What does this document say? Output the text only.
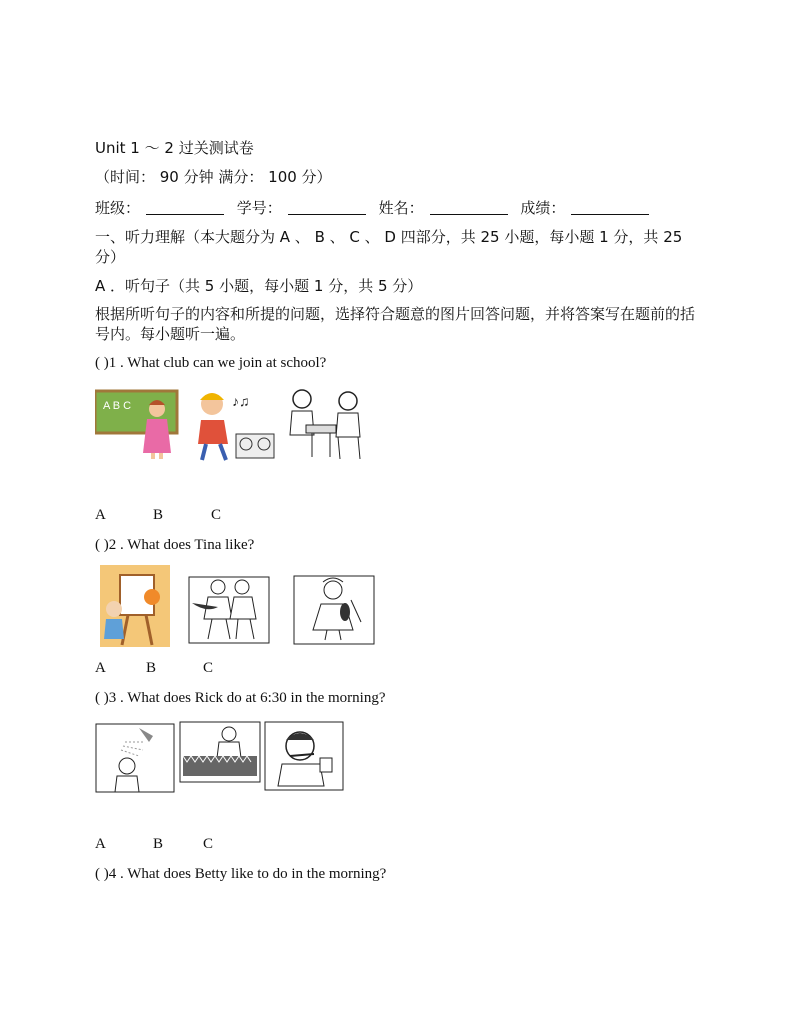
Unit 1 ～ 2 过关测试卷
（时间： 90 分钟 满分： 100 分）
班级：	学号：	姓名：	成绩：
一、听力理解（本大题分为 A 、 B 、 C 、 D 四部分，共 25 小题，每小题 1 分，共 25 分）
A ．听句子（共 5 小题，每小题 1 分，共 5 分）
根据所听句子的内容和所提的问题，选择符合题意的图片回答问题，并将答案写在题前的括号内。每小题听一遍。
( )1 . What club can we join at school?
A B C	♪♫
A	B	C
( )2 . What does Tina like?
A	B	C
( )3 . What does Rick do at 6:30 in the morning?
A	B	C
( )4 . What does Betty like to do in the morning?
